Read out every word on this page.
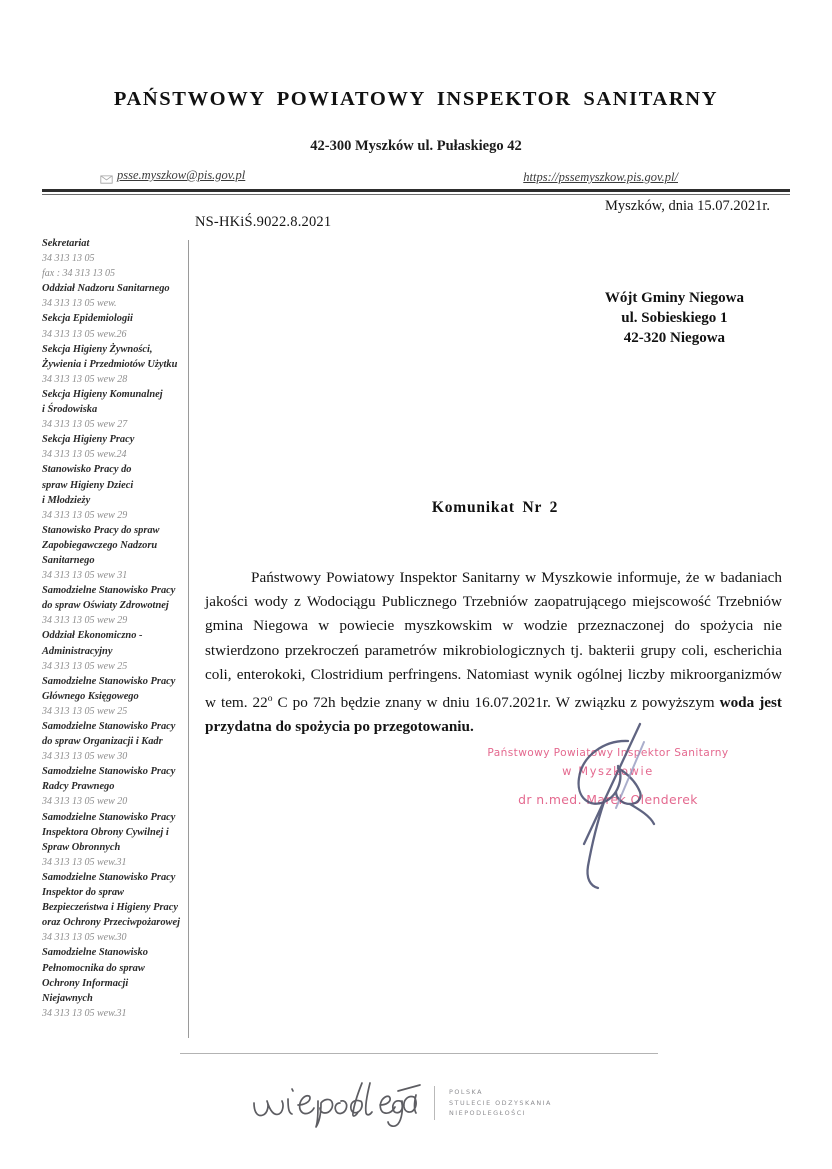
PAŃSTWOWY POWIATOWY INSPEKTOR SANITARNY
42-300 Myszków ul. Pułaskiego 42
psse.myszkow@pis.gov.pl	https://pssemyszkow.pis.gov.pl/
Myszków, dnia 15.07.2021r.
NS-HKiŚ.9022.8.2021
Sekretariat
34 313 13 05
fax : 34 313 13 05
Oddział Nadzoru Sanitarnego
34 313 13 05 wew.
Sekcja Epidemiologii
34 313 13 05 wew.26
Sekcja Higieny Żywności,
Żywienia i Przedmiotów Użytku
34 313 13 05 wew 28
Sekcja Higieny Komunalnej
i Środowiska
34 313 13 05 wew 27
Sekcja Higieny Pracy
34 313 13 05 wew.24
Stanowisko Pracy do
spraw Higieny Dzieci
i Młodzieży
34 313 13 05 wew 29
Stanowisko Pracy do spraw
Zapobiegawczego Nadzoru
Sanitarnego
34 313 13 05 wew 31
Samodzielne Stanowisko Pracy
do spraw Oświaty Zdrowotnej
34 313 13 05 wew 29
Oddział Ekonomiczno -
Administracyjny
34 313 13 05 wew 25
Samodzielne Stanowisko Pracy
Głównego Księgowego
34 313 13 05 wew 25
Samodzielne Stanowisko Pracy
do spraw Organizacji i Kadr
34 313 13 05 wew 30
Samodzielne Stanowisko Pracy
Radcy Prawnego
34 313 13 05 wew 20
Samodzielne Stanowisko Pracy
Inspektora Obrony Cywilnej i
Spraw Obronnych
34 313 13 05 wew.31
Samodzielne Stanowisko Pracy
Inspektor do spraw
Bezpieczeństwa i Higieny Pracy
oraz Ochrony Przeciwpożarowej
34 313 13 05 wew.30
Samodzielne Stanowisko
Pełnomocnika do spraw
Ochrony Informacji
Niejawnych
34 313 13 05 wew.31
Wójt Gminy Niegowa
ul. Sobieskiego 1
42-320 Niegowa
Komunikat Nr 2
Państwowy Powiatowy Inspektor Sanitarny w Myszkowie informuje, że w badaniach jakości wody z Wodociągu Publicznego Trzebniów zaopatrującego miejscowość Trzebniów gmina Niegowa w powiecie myszkowskim w wodzie przeznaczonej do spożycia nie stwierdzono przekroczeń parametrów mikrobiologicznych tj. bakterii grupy coli, escherichia coli, enterokoki, Clostridium perfringens. Natomiast wynik ogólnej liczby mikroorganizmów w tem. 22$^o$ C po 72h będzie znany w dniu 16.07.2021r. W związku z powyższym woda jest przydatna do spożycia po przegotowaniu.
Państwowy Powiatowy Inspektor Sanitarny
w Myszkowie
dr n.med. Marek Olenderek
POLSKA
STULECIE ODZYSKANIA
NIEPODLEGŁOŚCI
